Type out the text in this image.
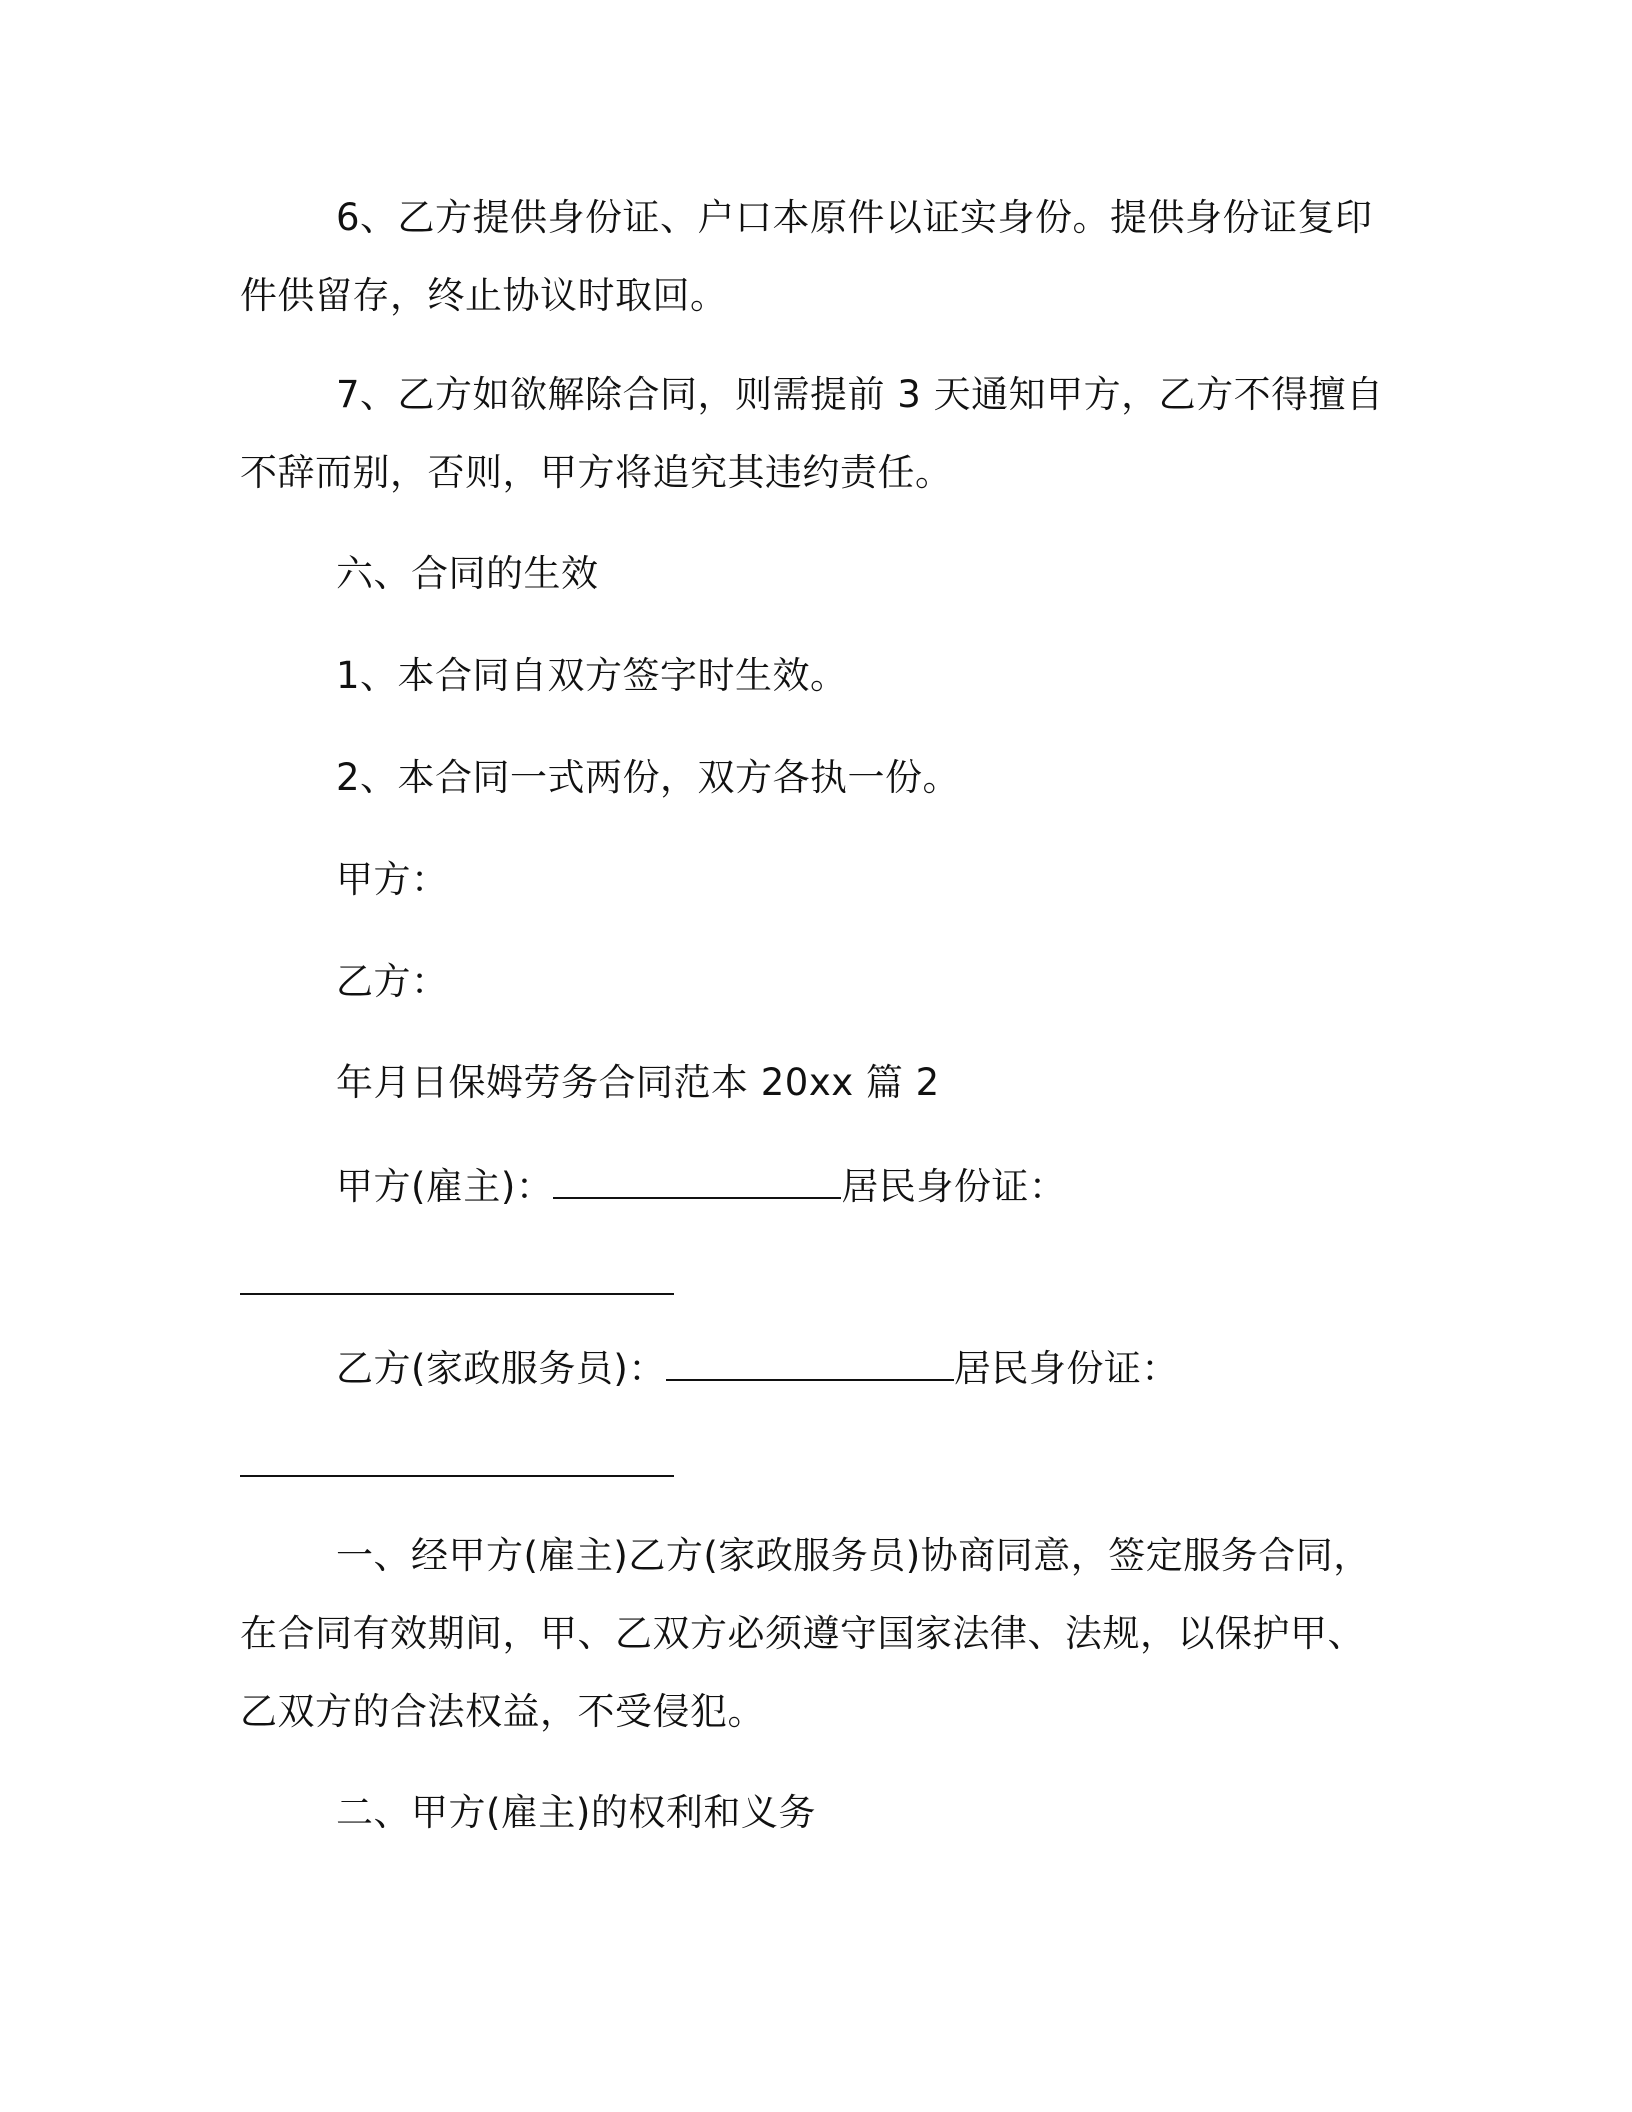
6、乙方提供身份证、户口本原件以证实身份。提供身份证复印
件供留存，终止协议时取回。
7、乙方如欲解除合同，则需提前 3 天通知甲方，乙方不得擅自
不辞而别，否则，甲方将追究其违约责任。
六、合同的生效
1、本合同自双方签字时生效。
2、本合同一式两份，双方各执一份。
甲方：
乙方：
年月日保姆劳务合同范本 20xx 篇 2
甲方(雇主)：	居民身份证：
乙方(家政服务员)：	居民身份证：
一、经甲方(雇主)乙方(家政服务员)协商同意，签定服务合同，
在合同有效期间，甲、乙双方必须遵守国家法律、法规，以保护甲、
乙双方的合法权益，不受侵犯。
二、甲方(雇主)的权利和义务
